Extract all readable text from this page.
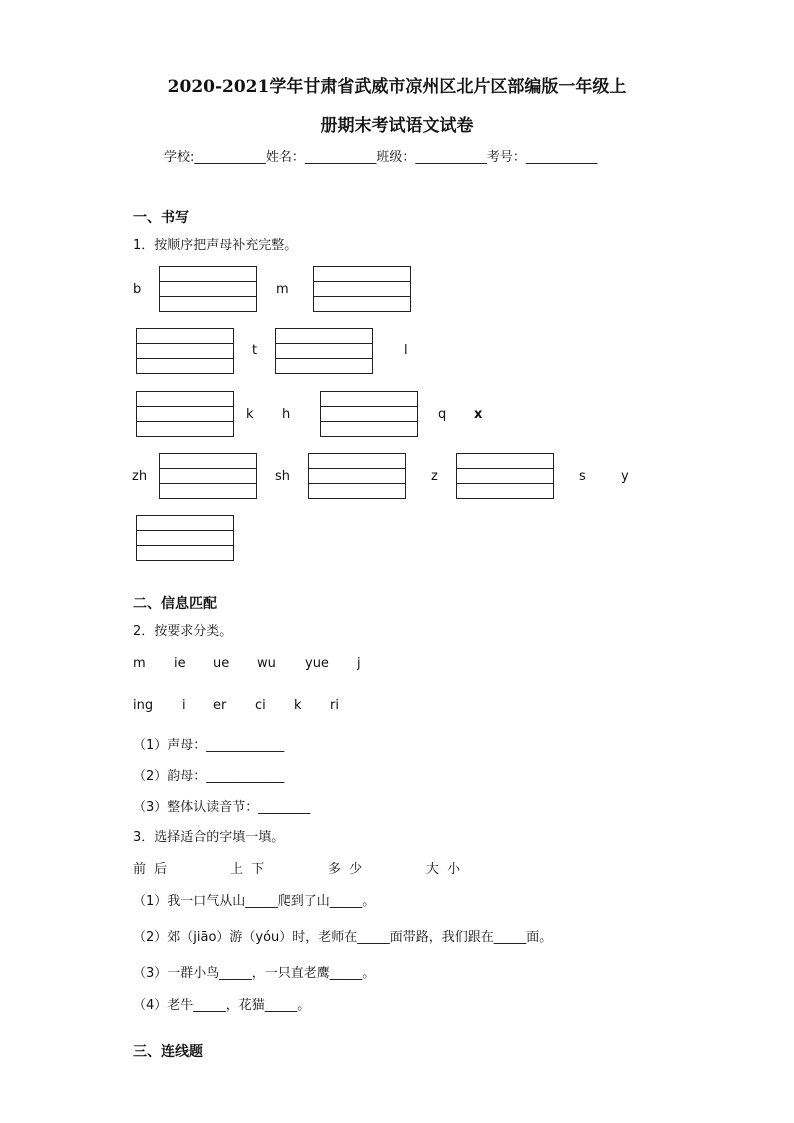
2020-2021学年甘肃省武威市凉州区北片区部编版一年级上
册期末考试语文试卷
学校:___________姓名：___________班级：___________考号：___________
一、书写
1．按顺序把声母补充完整。
b	m
t	l
k h	q x
zh	sh	z	s	y
二、信息匹配
2．按要求分类。
m ie ue wu yue j
ing i er ci k ri
（1）声母：____________
（2）韵母：____________
（3）整体认读音节：________
3．选择适合的字填一填。
前 后	上 下	多 少	大 小
（1）我一口气从山_____爬到了山_____。
（2）郊（jiāo）游（yóu）时，老师在_____面带路，我们跟在_____面。
（3）一群小鸟_____，一只直老鹰_____。
（4）老牛_____，花猫_____。
三、连线题
